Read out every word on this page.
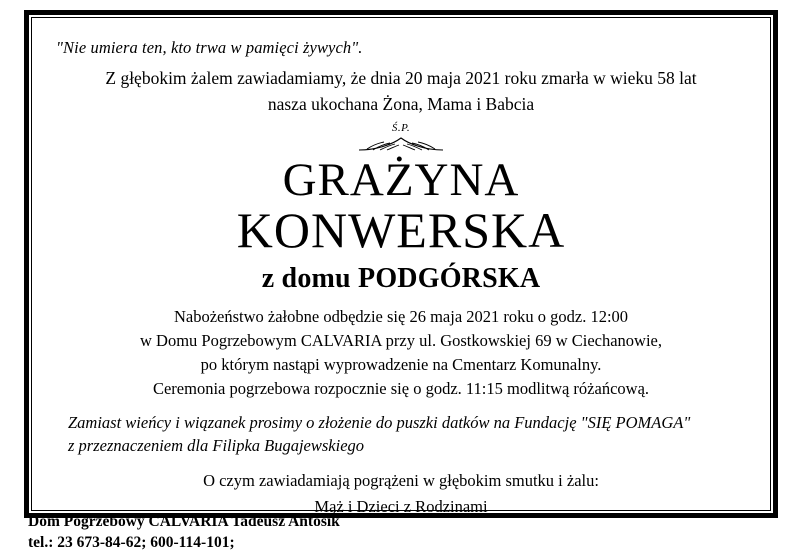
"Nie umiera ten, kto trwa w pamięci żywych".
Z głębokim żalem zawiadamiamy, że dnia 20 maja 2021 roku zmarła w wieku 58 lat
nasza ukochana Żona, Mama i Babcia
Ś.P.
GRAŻYNA
KONWERSKA
z domu PODGÓRSKA
Nabożeństwo żałobne odbędzie się 26 maja 2021 roku o godz. 12:00
w Domu Pogrzebowym CALVARIA przy ul. Gostkowskiej 69 w Ciechanowie,
po którym nastąpi wyprowadzenie na Cmentarz Komunalny.
Ceremonia pogrzebowa rozpocznie się o godz. 11:15 modlitwą różańcową.
Zamiast wieńcy i wiązanek prosimy o złożenie do puszki datków na Fundację "SIĘ POMAGA"
z przeznaczeniem dla Filipka Bugajewskiego
O czym zawiadamiają pogrążeni w głębokim smutku i żalu:
Mąż i Dzieci z Rodzinami
Dom Pogrzebowy CALVARIA Tadeusz Antosik
tel.: 23 673-84-62; 600-114-101;
